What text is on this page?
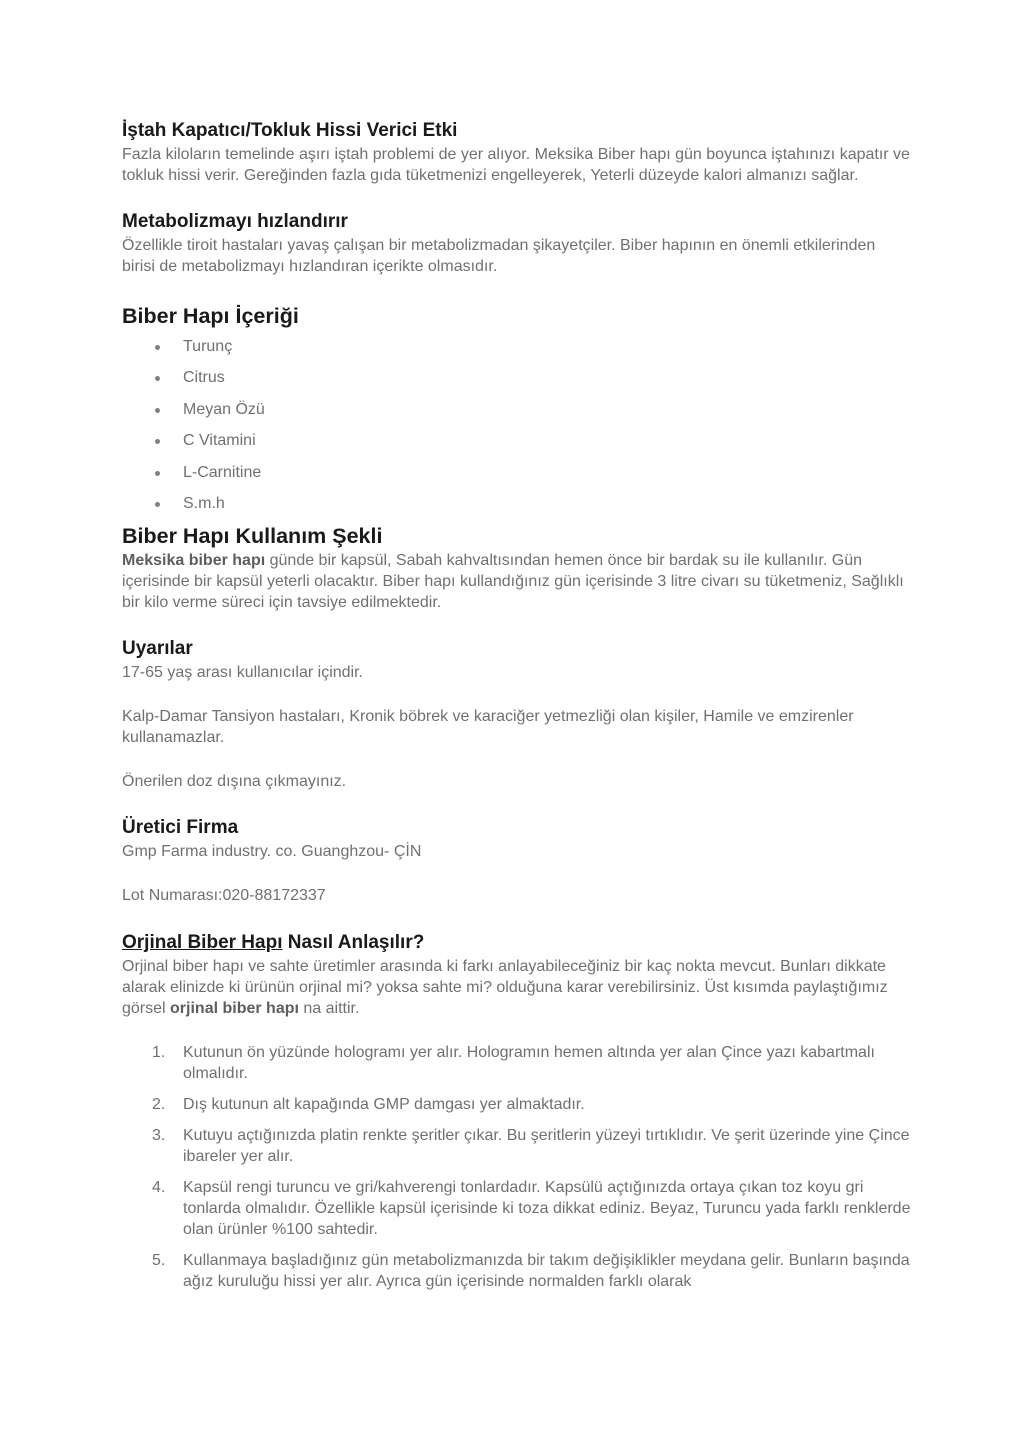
İştah Kapatıcı/Tokluk Hissi Verici Etki

Fazla kiloların temelinde aşırı iştah problemi de yer alıyor. Meksika Biber hapı gün boyunca iştahınızı kapatır ve tokluk hissi verir. Gereğinden fazla gıda tüketmenizi engelleyerek, Yeterli düzeyde kalori almanızı sağlar.

Metabolizmayı hızlandırır

Özellikle tiroit hastaları yavaş çalışan bir metabolizmadan şikayetçiler. Biber hapının en önemli etkilerinden birisi de metabolizmayı hızlandıran içerikte olmasıdır.

Biber Hapı İçeriği
Turunç
Citrus
Meyan Özü
C Vitamini
L-Carnitine
S.m.h
Biber Hapı Kullanım Şekli

Meksika biber hapı günde bir kapsül, Sabah kahvaltısından hemen önce bir bardak su ile kullanılır. Gün içerisinde bir kapsül yeterli olacaktır. Biber hapı kullandığınız gün içerisinde 3 litre civarı su tüketmeniz, Sağlıklı bir kilo verme süreci için tavsiye edilmektedir.

Uyarılar

17-65 yaş arası kullanıcılar içindir.

Kalp-Damar Tansiyon hastaları, Kronik böbrek ve karaciğer yetmezliği olan kişiler, Hamile ve emzirenler kullanamazlar.

Önerilen doz dışına çıkmayınız.

Üretici Firma

Gmp Farma industry. co. Guanghzou- ÇİN

Lot Numarası:020-88172337

Orjinal Biber Hapı Nasıl Anlaşılır?

Orjinal biber hapı ve sahte üretimler arasında ki farkı anlayabileceğiniz bir kaç nokta mevcut. Bunları dikkate alarak elinizde ki ürünün orjinal mi? yoksa sahte mi? olduğuna karar verebilirsiniz. Üst kısımda paylaştığımız görsel orjinal biber hapı na aittir.

1. Kutunun ön yüzünde hologramı yer alır. Hologramın hemen altında yer alan Çince yazı kabartmalı olmalıdır.
2. Dış kutunun alt kapağında GMP damgası yer almaktadır.
3. Kutuyu açtığınızda platin renkte şeritler çıkar. Bu şeritlerin yüzeyi tırtıklıdır. Ve şerit üzerinde yine Çince ibareler yer alır.
4. Kapsül rengi turuncu ve gri/kahverengi tonlardadır. Kapsülü açtığınızda ortaya çıkan toz koyu gri tonlarda olmalıdır. Özellikle kapsül içerisinde ki toza dikkat ediniz. Beyaz, Turuncu yada farklı renklerde olan ürünler %100 sahtedir.
5. Kullanmaya başladığınız gün metabolizmanızda bir takım değişiklikler meydana gelir. Bunların başında ağız kuruluğu hissi yer alır. Ayrıca gün içerisinde normalden farklı olarak
